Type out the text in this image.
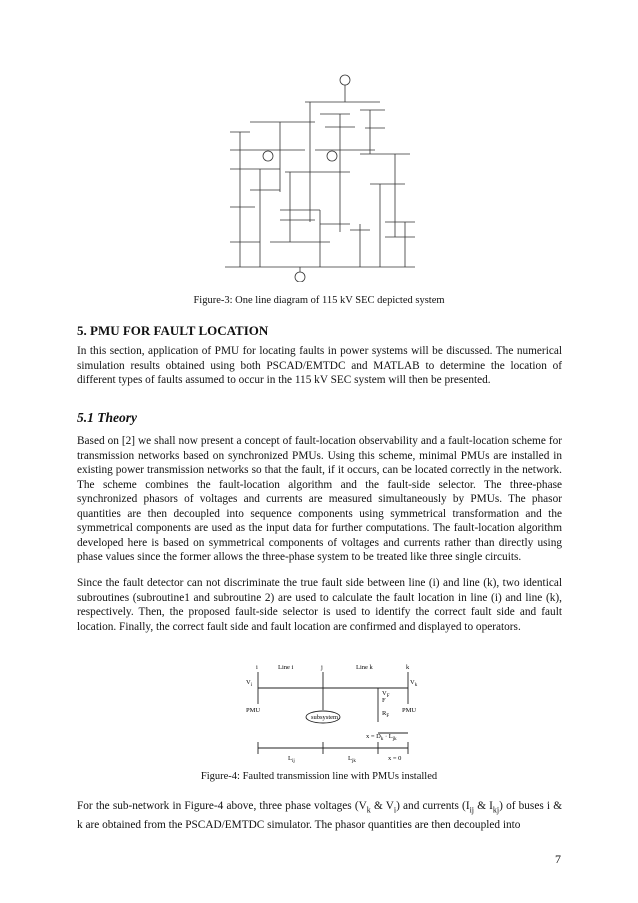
Figure-3: One line diagram of 115 kV SEC depicted system
5. PMU FOR FAULT LOCATION
In this section, application of PMU for locating faults in power systems will be discussed. The numerical simulation results obtained using both PSCAD/EMTDC and MATLAB to determine the location of different types of faults assumed to occur in the 115 kV SEC system will then be presented.
5.1 Theory
Based on [2] we shall now present a concept of fault-location observability and a fault-location scheme for transmission networks based on synchronized PMUs. Using this scheme, minimal PMUs are installed in existing power transmission networks so that the fault, if it occurs, can be located correctly in the network. The scheme combines the fault-location algorithm and the fault-side selector. The three-phase synchronized phasors of voltages and currents are measured simultaneously by PMUs. The phasor quantities are then decoupled into sequence components using symmetrical transformation and the symmetrical components are used as the input data for further computations. The fault-location algorithm developed here is based on symmetrical components of voltages and currents rather than directly using phase values since the former allows the three-phase system to be treated like three single circuits.
Since the fault detector can not discriminate the true fault side between line (i) and line (k), two identical subroutines (subroutine1 and subroutine 2) are used to calculate the fault location in line (i) and line (k), respectively. Then, the proposed fault-side selector is used to identify the correct fault side and fault location. Finally, the correct fault side and fault location are confirmed and displayed to operators.
i	j	k
Line i	Line k
PMU	PMU
subsystem
F
$R_F$
$x = D_k \cdot L_{jk}$
$L_{ij}$	$L_{jk}$	x = 0
$V_i$	$V_k$
$V_F$
Figure-4: Faulted transmission line with PMUs installed
For the sub-network in Figure-4 above, three phase voltages ($V_k$ & $V_i$) and currents ($I_{ij}$ & $I_{kj}$) of buses i & k are obtained from the PSCAD/EMTDC simulator. The phasor quantities are then decoupled into
7
